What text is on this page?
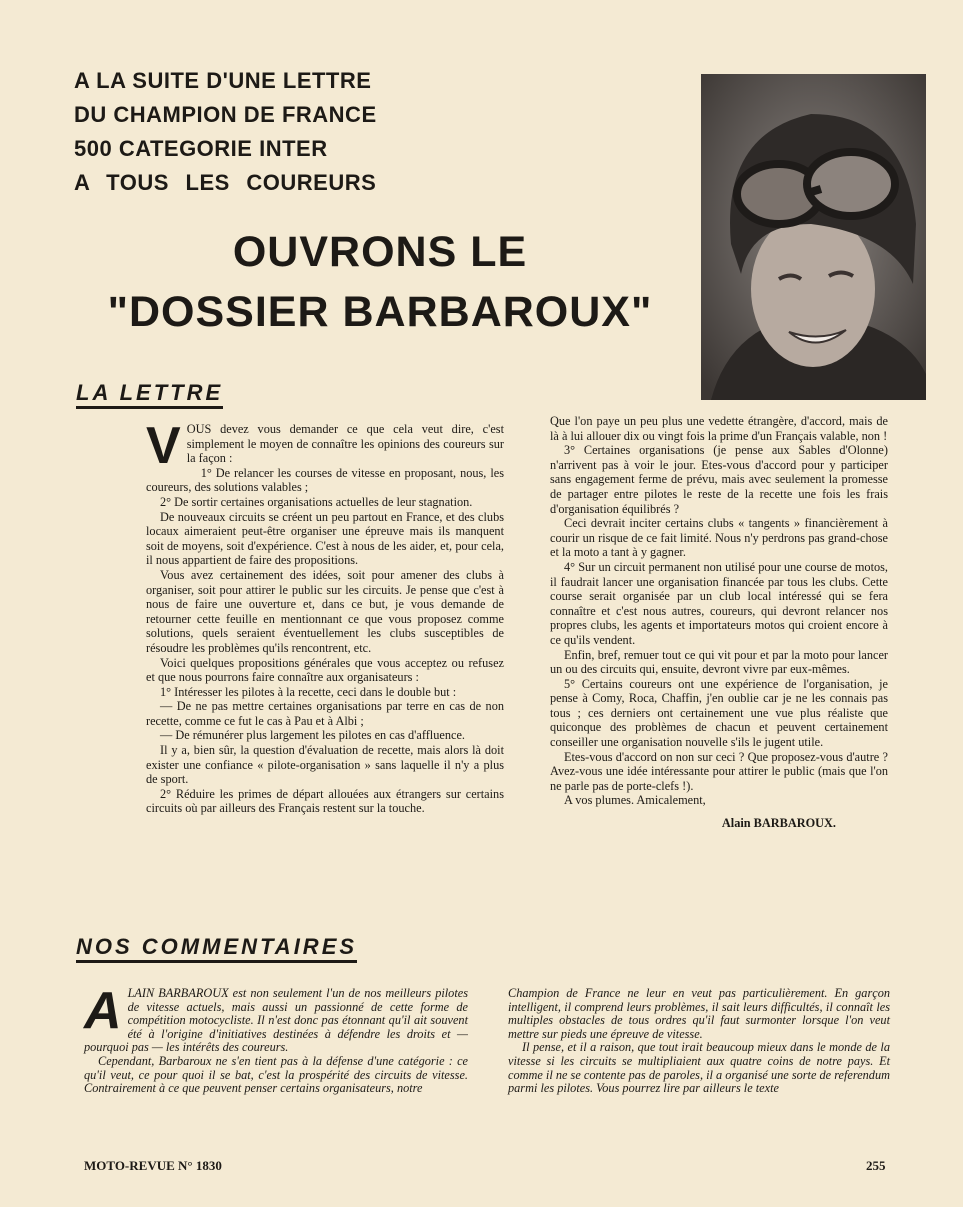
A LA SUITE D'UNE LETTRE

DU CHAMPION DE FRANCE

500 CATEGORIE INTER

A TOUS LES COUREURS

OUVRONS LE
"DOSSIER BARBAROUX"
LA LETTRE
V OUS devez vous demander ce que cela veut dire, c'est simplement le moyen de connaître les opinions des coureurs sur la façon :

1° De relancer les courses de vitesse en proposant, nous, les coureurs, des solutions valables ;

2° De sortir certaines organisations actuelles de leur stagnation.

De nouveaux circuits se créent un peu partout en France, et des clubs locaux aimeraient peut-être organiser une épreuve mais ils manquent soit de moyens, soit d'expérience. C'est à nous de les aider, et, pour cela, il nous appartient de faire des propositions.

Vous avez certainement des idées, soit pour amener des clubs à organiser, soit pour attirer le public sur les circuits. Je pense que c'est à nous de faire une ouverture et, dans ce but, je vous demande de retourner cette feuille en mentionnant ce que vous proposez comme solutions, quels seraient éventuellement les clubs susceptibles de résoudre les problèmes qu'ils rencontrent, etc.

Voici quelques propositions générales que vous acceptez ou refusez et que nous pourrons faire connaître aux organisateurs :

1° Intéresser les pilotes à la recette, ceci dans le double but :

— De ne pas mettre certaines organisations par terre en cas de non recette, comme ce fut le cas à Pau et à Albi ;

— De rémunérer plus largement les pilotes en cas d'affluence.

Il y a, bien sûr, la question d'évaluation de recette, mais alors là doit exister une confiance « pilote-organisation » sans laquelle il n'y a plus de sport.

2° Réduire les primes de départ allouées aux étrangers sur certains circuits où par ailleurs des Français restent sur la touche.

Que l'on paye un peu plus une vedette étrangère, d'accord, mais de là à lui allouer dix ou vingt fois la prime d'un Français valable, non !

3° Certaines organisations (je pense aux Sables d'Olonne) n'arrivent pas à voir le jour. Etes-vous d'accord pour y participer sans engagement ferme de prévu, mais avec seulement la promesse de partager entre pilotes le reste de la recette une fois les frais d'organisation équilibrés ?

Ceci devrait inciter certains clubs « tangents » financièrement à courir un risque de ce fait limité. Nous n'y perdrons pas grand-chose et la moto a tant à y gagner.

4° Sur un circuit permanent non utilisé pour une course de motos, il faudrait lancer une organisation financée par tous les clubs. Cette course serait organisée par un club local intéressé qui se fera connaître et c'est nous autres, coureurs, qui devront relancer nos propres clubs, les agents et importateurs motos qui croient encore à ce qu'ils vendent.

Enfin, bref, remuer tout ce qui vit pour et par la moto pour lancer un ou des circuits qui, ensuite, devront vivre par eux-mêmes.

5° Certains coureurs ont une expérience de l'organisation, je pense à Comy, Roca, Chaffin, j'en oublie car je ne les connais pas tous ; ces derniers ont certainement une vue plus réaliste que quiconque des problèmes de chacun et peuvent certainement conseiller une organisation nouvelle s'ils le jugent utile.

Etes-vous d'accord on non sur ceci ? Que proposez-vous d'autre ? Avez-vous une idée intéressante pour attirer le public (mais que l'on ne parle pas de porte-clefs !).

A vos plumes. Amicalement,

Alain BARBAROUX.

NOS COMMENTAIRES
A LAIN BARBAROUX est non seulement l'un de nos meilleurs pilotes de vitesse actuels, mais aussi un passionné de cette forme de compétition motocycliste. Il n'est donc pas étonnant qu'il ait souvent été à l'origine d'initiatives destinées à défendre les droits et — pourquoi pas — les intérêts des coureurs.

Cependant, Barbaroux ne s'en tient pas à la défense d'une catégorie : ce qu'il veut, ce pour quoi il se bat, c'est la prospérité des circuits de vitesse. Contrairement à ce que peuvent penser certains organisateurs, notre

Champion de France ne leur en veut pas particulièrement. En garçon intelligent, il comprend leurs problèmes, il sait leurs difficultés, il connaît les multiples obstacles de tous ordres qu'il faut surmonter lorsque l'on veut mettre sur pieds une épreuve de vitesse.

Il pense, et il a raison, que tout irait beaucoup mieux dans le monde de la vitesse si les circuits se multipliaient aux quatre coins de notre pays. Et comme il ne se contente pas de paroles, il a organisé une sorte de referendum parmi les pilotes. Vous pourrez lire par ailleurs le texte

MOTO-REVUE N° 1830	255
